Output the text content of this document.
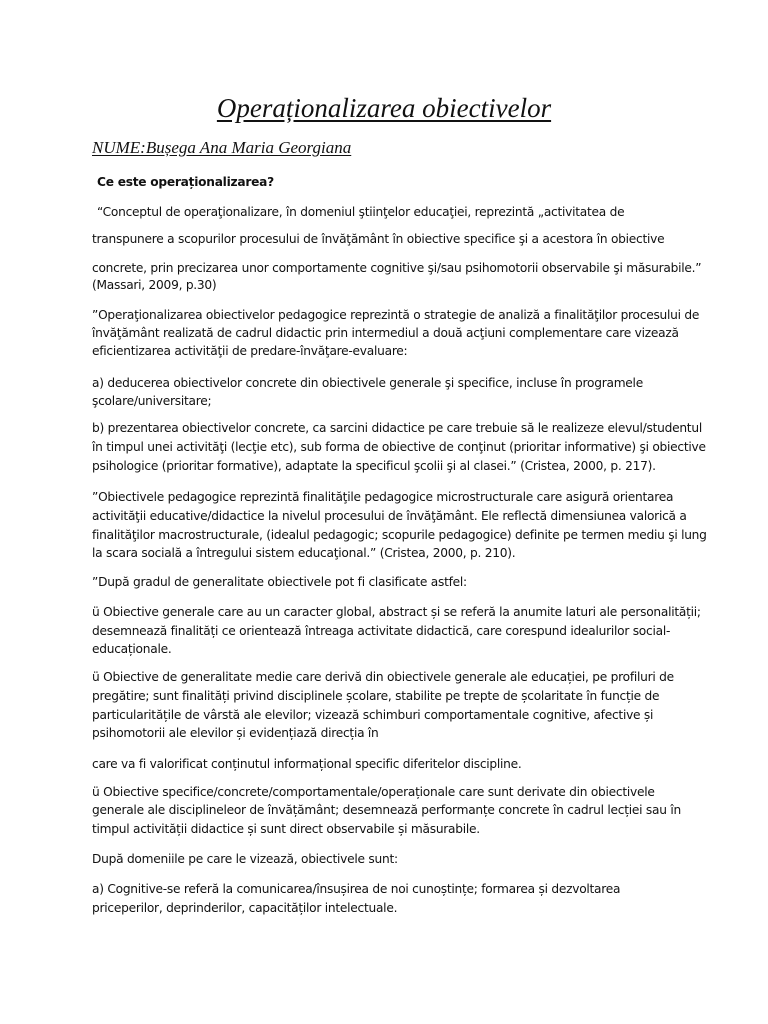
Operaționalizarea obiectivelor
NUME:Bușega Ana Maria Georgiana
Ce este operaționalizarea?
“Conceptul de operaţionalizare, în domeniul ştiinţelor educaţiei, reprezintă „activitatea de
transpunere a scopurilor procesului de învăţământ în obiective specifice şi a acestora în obiective
concrete, prin precizarea unor comportamente cognitive şi/sau psihomotorii observabile şi măsurabile.”
(Massari, 2009, p.30)
”Operaţionalizarea obiectivelor pedagogice reprezintă o strategie de analiză a finalităţilor procesului de
învăţământ realizată de cadrul didactic prin intermediul a două acţiuni complementare care vizează
eficientizarea activităţii de predare-învăţare-evaluare:
a) deducerea obiectivelor concrete din obiectivele generale şi specifice, incluse în programele
şcolare/universitare;
b) prezentarea obiectivelor concrete, ca sarcini didactice pe care trebuie să le realizeze elevul/studentul
în timpul unei activităţi (lecţie etc), sub forma de obiective de conţinut (prioritar informative) şi obiective
psihologice (prioritar formative), adaptate la specificul şcolii şi al clasei.” (Cristea, 2000, p. 217).
”Obiectivele pedagogice reprezintă finalităţile pedagogice microstructurale care asigură orientarea
activităţii educative/didactice la nivelul procesului de învăţământ. Ele reflectă dimensiunea valorică a
finalităţilor macrostructurale, (idealul pedagogic; scopurile pedagogice) definite pe termen mediu şi lung
la scara socială a întregului sistem educaţional.” (Cristea, 2000, p. 210).
”După gradul de generalitate obiectivele pot fi clasificate astfel:
ü Obiective generale care au un caracter global, abstract și se referă la anumite laturi ale personalității;
desemnează finalități ce orientează întreaga activitate didactică, care corespund idealurilor social-
educaționale.
ü Obiective de generalitate medie care derivă din obiectivele generale ale educației, pe profiluri de
pregătire; sunt finalități privind disciplinele școlare, stabilite pe trepte de școlaritate în funcție de
particularitățile de vârstă ale elevilor; vizează schimburi comportamentale cognitive, afective și
psihomotorii ale elevilor și evidențiază direcția în
care va fi valorificat conținutul informațional specific diferitelor discipline.
ü Obiective specifice/concrete/comportamentale/operaționale care sunt derivate din obiectivele
generale ale disciplineleor de învățământ; desemnează performanțe concrete în cadrul lecției sau în
timpul activității didactice și sunt direct observabile și măsurabile.
După domeniile pe care le vizează, obiectivele sunt:
a) Cognitive-se referă la comunicarea/însușirea de noi cunoștințe; formarea și dezvoltarea
priceperilor, deprinderilor, capacităților intelectuale.
